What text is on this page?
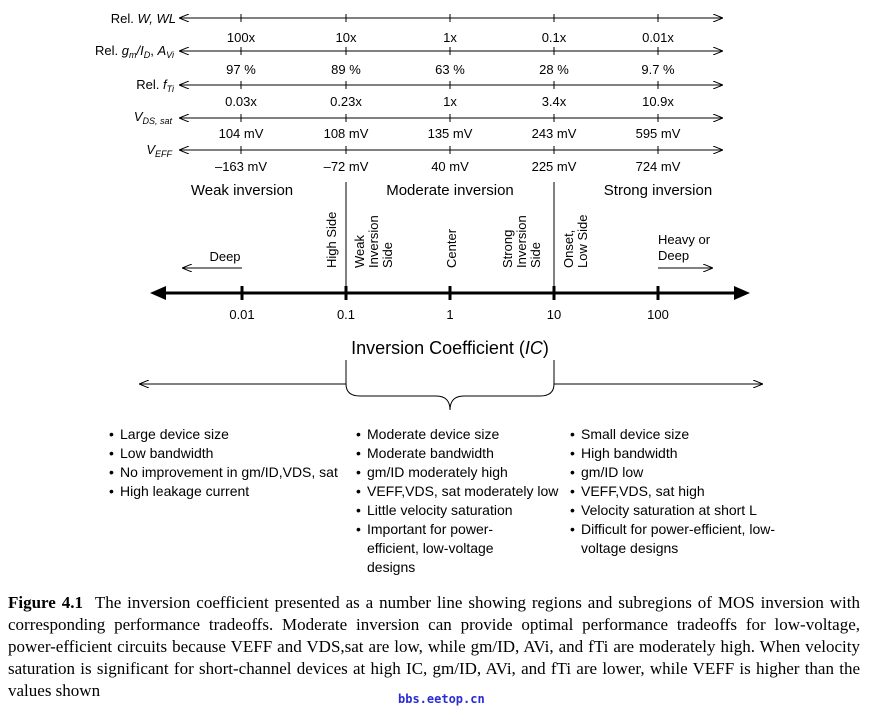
Rel. W, WL
100x	10x	1x	0.1x	0.01x
Rel. $g_m/I_D$, $A_{Vi}$
97 %	89 %	63 %	28 %	9.7 %
Rel. $f_{Ti}$
0.03x	0.23x	1x	3.4x	10.9x
$V_{DS, sat}$
104 mV	108 mV	135 mV	243 mV	595 mV
$V_{EFF}$
–163 mV	–72 mV	40 mV	225 mV	724 mV
Weak inversion	Moderate inversion	Strong inversion
Deep	High Side Weak Inversion Side	Center	Strong Inversion Side Onset, Low Side	Heavy or Deep
0.01	0.1	1	10	100
Inversion Coefficient (IC)
• Large device size
• Low bandwidth
• No improvement in gm/ID,VDS, sat
• High leakage current
• Moderate device size
• Moderate bandwidth
• gm/ID moderately high
• VEFF,VDS, sat moderately low
• Little velocity saturation
• Important for power-efficient, low-voltage designs
• Small device size
• High bandwidth
• gm/ID low
• VEFF,VDS, sat high
• Velocity saturation at short L
• Difficult for power-efficient, low-voltage designs
Figure 4.1 The inversion coefficient presented as a number line showing regions and subregions of MOS inversion with corresponding performance tradeoffs. Moderate inversion can provide optimal performance tradeoffs for low-voltage, power-efficient circuits because VEFF and VDS,sat are low, while gm/ID, AVi, and fTi are moderately high. When velocity saturation is significant for short-channel devices at high IC, gm/ID, AVi, and fTi are lower, while VEFF is higher than the values shown	bbs.eetop.cn
